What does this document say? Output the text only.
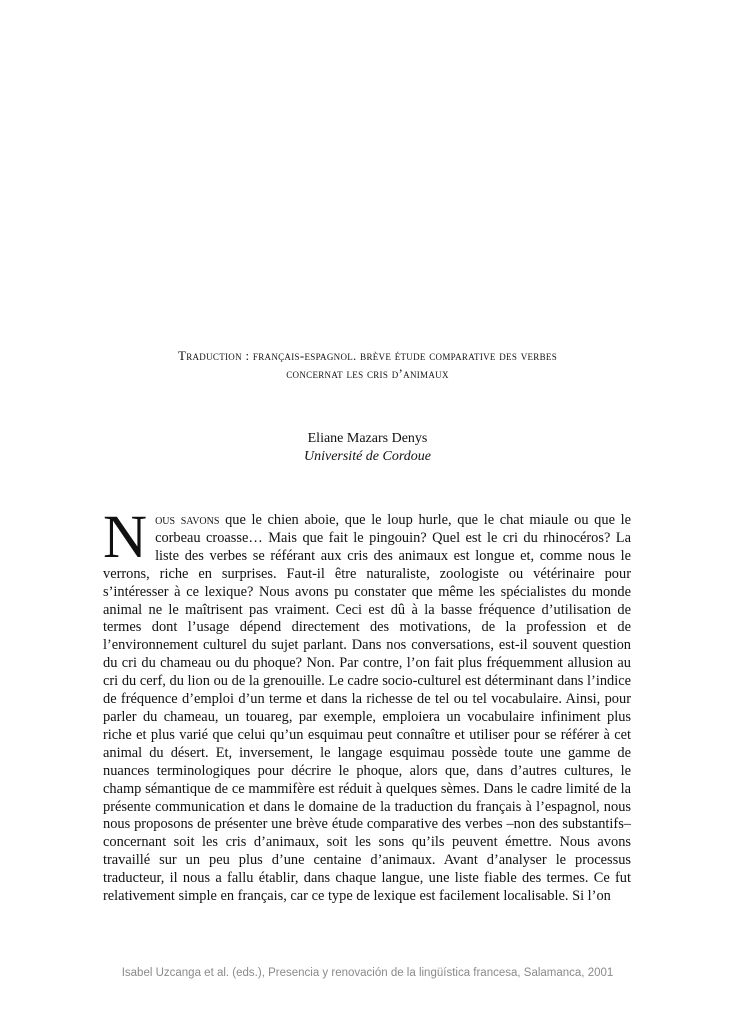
Traduction : français-espagnol. brève étude comparative des verbes
concernat les cris d’animaux
Eliane Mazars Denys
Université de Cordoue
Nous savons que le chien aboie, que le loup hurle, que le chat miaule ou que le corbeau croasse… Mais que fait le pingouin? Quel est le cri du rhinocéros? La liste des verbes se référant aux cris des animaux est longue et, comme nous le verrons, riche en surprises. Faut-il être naturaliste, zoologiste ou vétérinaire pour s’intéresser à ce lexique? Nous avons pu constater que même les spécialistes du monde animal ne le maîtrisent pas vraiment. Ceci est dû à la basse fréquence d’utilisation de termes dont l’usage dépend directement des motivations, de la profession et de l’environnement culturel du sujet parlant. Dans nos conversations, est-il souvent question du cri du chameau ou du phoque? Non. Par contre, l’on fait plus fréquemment allusion au cri du cerf, du lion ou de la grenouille. Le cadre socio-culturel est déterminant dans l’indice de fréquence d’emploi d’un terme et dans la richesse de tel ou tel vocabulaire. Ainsi, pour parler du chameau, un touareg, par exemple, emploiera un vocabulaire infiniment plus riche et plus varié que celui qu’un esquimau peut connaître et utiliser pour se référer à cet animal du désert. Et, inversement, le langage esquimau possède toute une gamme de nuances terminologiques pour décrire le phoque, alors que, dans d’autres cultures, le champ sémantique de ce mammifère est réduit à quelques sèmes. Dans le cadre limité de la présente communication et dans le domaine de la traduction du français à l’espagnol, nous nous proposons de présenter une brève étude comparative des verbes –non des substantifs– concernant soit les cris d’animaux, soit les sons qu’ils peuvent émettre. Nous avons travaillé sur un peu plus d’une centaine d’animaux. Avant d’analyser le processus traducteur, il nous a fallu établir, dans chaque langue, une liste fiable des termes. Ce fut relativement simple en français, car ce type de lexique est facilement localisable. Si l’on
Isabel Uzcanga et al. (eds.), Presencia y renovación de la lingüística francesa, Salamanca, 2001
